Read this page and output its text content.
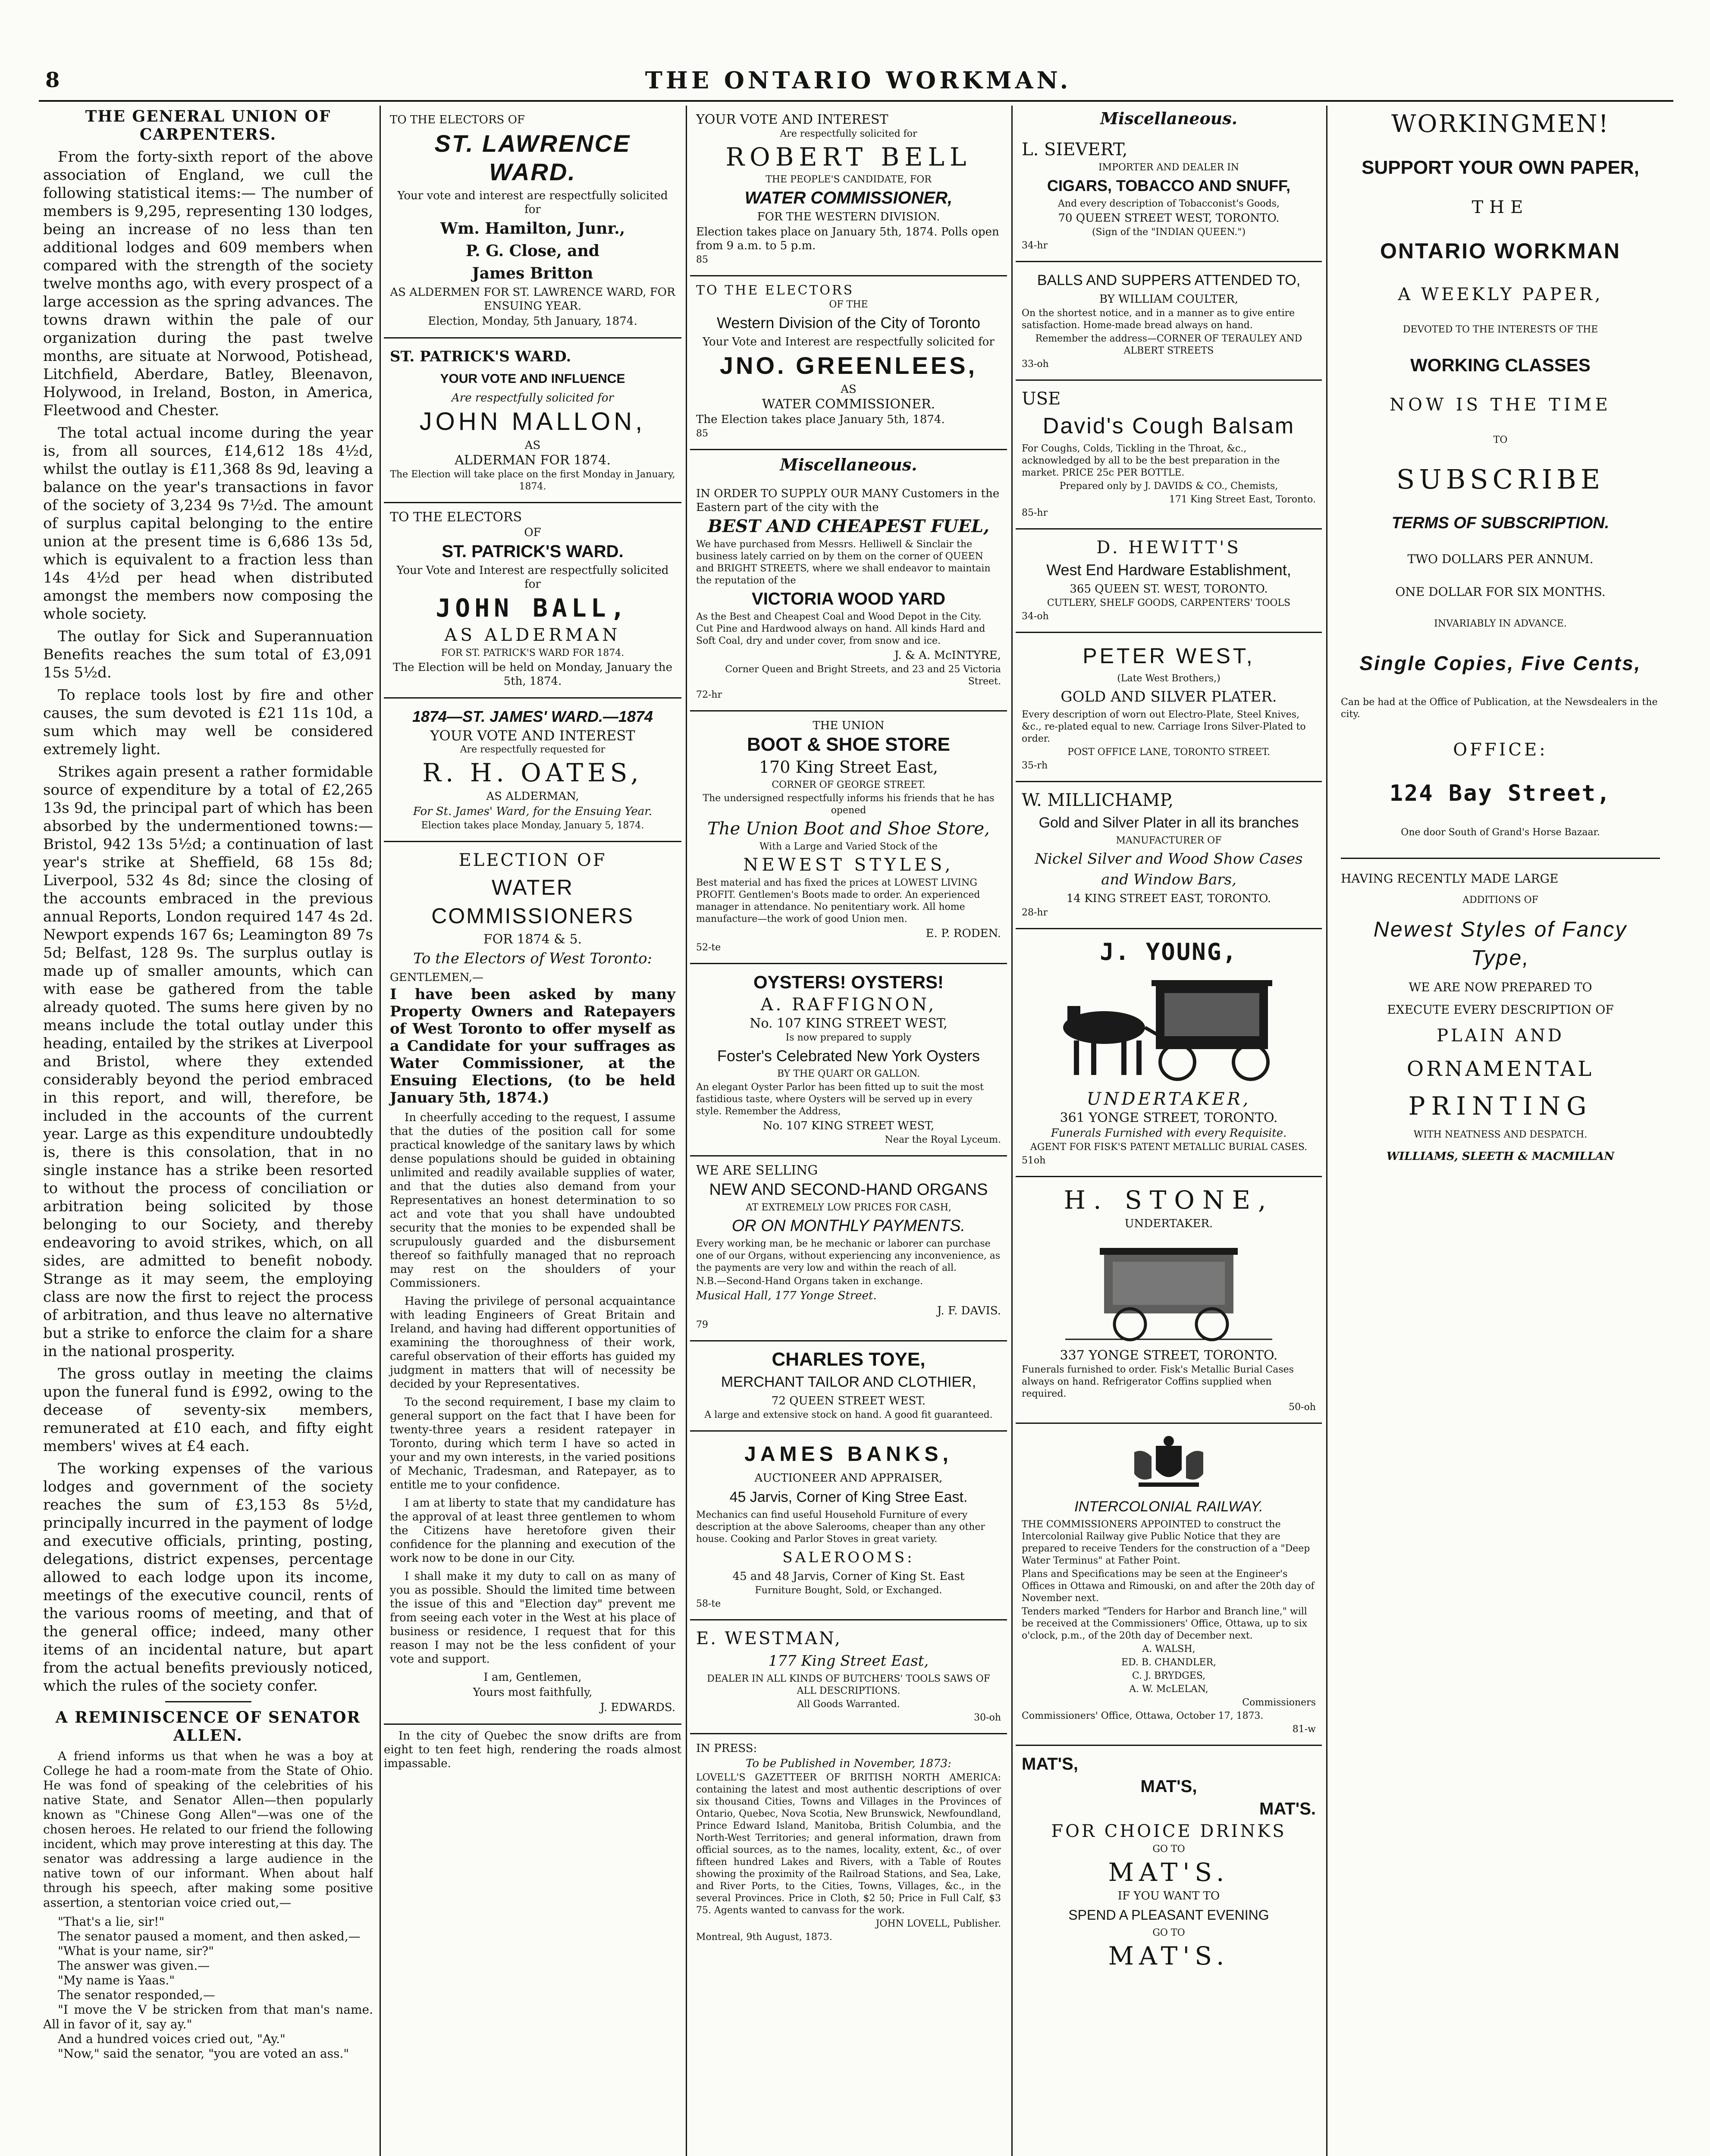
8	THE ONTARIO WORKMAN.
THE GENERAL UNION OF CARPENTERS.

From the forty-sixth report of the above association of England, we cull the following statistical items:— The number of members is 9,295, representing 130 lodges, being an increase of no less than ten additional lodges and 609 members when compared with the strength of the society twelve months ago, with every prospect of a large accession as the spring advances. The towns drawn within the pale of our organization during the past twelve months, are situate at Norwood, Potishead, Litchfield, Aberdare, Batley, Bleenavon, Holywood, in Ireland, Boston, in America, Fleetwood and Chester.

The total actual income during the year is, from all sources, £14,612 18s 4½d, whilst the outlay is £11,368 8s 9d, leaving a balance on the year's transactions in favor of the society of 3,234 9s 7½d. The amount of surplus capital belonging to the entire union at the present time is 6,686 13s 5d, which is equivalent to a fraction less than 14s 4½d per head when distributed amongst the members now composing the whole society.

The outlay for Sick and Superannuation Benefits reaches the sum total of £3,091 15s 5½d.

To replace tools lost by fire and other causes, the sum devoted is £21 11s 10d, a sum which may well be considered extremely light.

Strikes again present a rather formidable source of expenditure by a total of £2,265 13s 9d, the principal part of which has been absorbed by the undermentioned towns:—Bristol, 942 13s 5½d; a continuation of last year's strike at Sheffield, 68 15s 8d; Liverpool, 532 4s 8d; since the closing of the accounts embraced in the previous annual Reports, London required 147 4s 2d. Newport expends 167 6s; Leamington 89 7s 5d; Belfast, 128 9s. The surplus outlay is made up of smaller amounts, which can with ease be gathered from the table already quoted. The sums here given by no means include the total outlay under this heading, entailed by the strikes at Liverpool and Bristol, where they extended considerably beyond the period embraced in this report, and will, therefore, be included in the accounts of the current year. Large as this expenditure undoubtedly is, there is this consolation, that in no single instance has a strike been resorted to without the process of conciliation or arbitration being solicited by those belonging to our Society, and thereby endeavoring to avoid strikes, which, on all sides, are admitted to benefit nobody. Strange as it may seem, the employing class are now the first to reject the process of arbitration, and thus leave no alternative but a strike to enforce the claim for a share in the national prosperity.

The gross outlay in meeting the claims upon the funeral fund is £992, owing to the decease of seventy-six members, remunerated at £10 each, and fifty eight members' wives at £4 each.

The working expenses of the various lodges and government of the society reaches the sum of £3,153 8s 5½d, principally incurred in the payment of lodge and executive officials, printing, posting, delegations, district expenses, percentage allowed to each lodge upon its income, meetings of the executive council, rents of the various rooms of meeting, and that of the general office; indeed, many other items of an incidental nature, but apart from the actual benefits previously noticed, which the rules of the society confer.

A REMINISCENCE OF SENATOR ALLEN.

A friend informs us that when he was a boy at College he had a room-mate from the State of Ohio. He was fond of speaking of the celebrities of his native State, and Senator Allen—then popularly known as "Chinese Gong Allen"—was one of the chosen heroes. He related to our friend the following incident, which may prove interesting at this day. The senator was addressing a large audience in the native town of our informant. When about half through his speech, after making some positive assertion, a stentorian voice cried out,—

"That's a lie, sir!"

The senator paused a moment, and then asked,—

"What is your name, sir?"

The answer was given.—

"My name is Yaas."

The senator responded,—

"I move the V be stricken from that man's name. All in favor of it, say ay."

And a hundred voices cried out, "Ay."

"Now," said the senator, "you are voted an ass."

TO THE ELECTORS OF
ST. LAWRENCE WARD.
Your vote and interest are respectfully solicited for
Wm. Hamilton, Junr.,
P. G. Close, and
James Britton
AS ALDERMEN FOR ST. LAWRENCE WARD, FOR ENSUING YEAR.
Election, Monday, 5th January, 1874.
ST. PATRICK'S WARD.
YOUR VOTE AND INFLUENCE
Are respectfully solicited for
JOHN MALLON,
AS
ALDERMAN FOR 1874.
The Election will take place on the first Monday in January, 1874.
TO THE ELECTORS
OF
ST. PATRICK'S WARD.
Your Vote and Interest are respectfully solicited for
JOHN BALL,
AS ALDERMAN
FOR ST. PATRICK'S WARD FOR 1874.
The Election will be held on Monday, January the 5th, 1874.
1874—ST. JAMES' WARD.—1874
YOUR VOTE AND INTEREST
Are respectfully requested for
R. H. OATES,
AS ALDERMAN,
For St. James' Ward, for the Ensuing Year.
Election takes place Monday, January 5, 1874.
ELECTION OF
WATER COMMISSIONERS
FOR 1874 & 5.
To the Electors of West Toronto:
GENTLEMEN,—

I have been asked by many Property Owners and Ratepayers of West Toronto to offer myself as a Candidate for your suffrages as Water Commissioner, at the Ensuing Elections, (to be held January 5th, 1874.)

In cheerfully acceding to the request, I assume that the duties of the position call for some practical knowledge of the sanitary laws by which dense populations should be guided in obtaining unlimited and readily available supplies of water, and that the duties also demand from your Representatives an honest determination to so act and vote that you shall have undoubted security that the monies to be expended shall be scrupulously guarded and the disbursement thereof so faithfully managed that no reproach may rest on the shoulders of your Commissioners.

Having the privilege of personal acquaintance with leading Engineers of Great Britain and Ireland, and having had different opportunities of examining the thoroughness of their work, careful observation of their efforts has guided my judgment in matters that will of necessity be decided by your Representatives.

To the second requirement, I base my claim to general support on the fact that I have been for twenty-three years a resident ratepayer in Toronto, during which term I have so acted in your and my own interests, in the varied positions of Mechanic, Tradesman, and Ratepayer, as to entitle me to your confidence.

I am at liberty to state that my candidature has the approval of at least three gentlemen to whom the Citizens have heretofore given their confidence for the planning and execution of the work now to be done in our City.

I shall make it my duty to call on as many of you as possible. Should the limited time between the issue of this and "Election day" prevent me from seeing each voter in the West at his place of business or residence, I request that for this reason I may not be the less confident of your vote and support.

I am, Gentlemen,
Yours most faithfully,
J. EDWARDS.

In the city of Quebec the snow drifts are from eight to ten feet high, rendering the roads almost impassable.

YOUR VOTE AND INTEREST
Are respectfully solicited for
ROBERT BELL
THE PEOPLE'S CANDIDATE, FOR
WATER COMMISSIONER,
FOR THE WESTERN DIVISION.
Election takes place on January 5th, 1874. Polls open from 9 a.m. to 5 p.m.
85
TO THE ELECTORS
OF THE
Western Division of the City of Toronto
Your Vote and Interest are respectfully solicited for
JNO. GREENLEES,
AS
WATER COMMISSIONER.
The Election takes place January 5th, 1874.
85
Miscellaneous.
IN ORDER TO SUPPLY OUR MANY Customers in the Eastern part of the city with the
BEST AND CHEAPEST FUEL,
We have purchased from Messrs. Helliwell & Sinclair the business lately carried on by them on the corner of QUEEN and BRIGHT STREETS, where we shall endeavor to maintain the reputation of the
VICTORIA WOOD YARD
As the Best and Cheapest Coal and Wood Depot in the City. Cut Pine and Hardwood always on hand. All kinds Hard and Soft Coal, dry and under cover, from snow and ice.
J. & A. McINTYRE,
Corner Queen and Bright Streets, and 23 and 25 Victoria Street.
72-hr
THE UNION
BOOT & SHOE STORE
170 King Street East,
CORNER OF GEORGE STREET.
The undersigned respectfully informs his friends that he has opened
The Union Boot and Shoe Store,
With a Large and Varied Stock of the
NEWEST STYLES,
Best material and has fixed the prices at LOWEST LIVING PROFIT. Gentlemen's Boots made to order. An experienced manager in attendance. No penitentiary work. All home manufacture—the work of good Union men.
E. P. RODEN.
52-te
OYSTERS! OYSTERS!
A. RAFFIGNON,
No. 107 KING STREET WEST,
Is now prepared to supply
Foster's Celebrated New York Oysters
BY THE QUART OR GALLON.
An elegant Oyster Parlor has been fitted up to suit the most fastidious taste, where Oysters will be served up in every style. Remember the Address,
No. 107 KING STREET WEST,
Near the Royal Lyceum.
WE ARE SELLING
NEW AND SECOND-HAND ORGANS
AT EXTREMELY LOW PRICES FOR CASH,
OR ON MONTHLY PAYMENTS.
Every working man, be he mechanic or laborer can purchase one of our Organs, without experiencing any inconvenience, as the payments are very low and within the reach of all.
N.B.—Second-Hand Organs taken in exchange.
Musical Hall, 177 Yonge Street.
J. F. DAVIS.
79
CHARLES TOYE,
MERCHANT TAILOR AND CLOTHIER,
72 QUEEN STREET WEST.
A large and extensive stock on hand. A good fit guaranteed.
JAMES BANKS,
AUCTIONEER AND APPRAISER,
45 Jarvis, Corner of King Stree East.
Mechanics can find useful Household Furniture of every description at the above Salerooms, cheaper than any other house. Cooking and Parlor Stoves in great variety.
SALEROOMS:
45 and 48 Jarvis, Corner of King St. East
Furniture Bought, Sold, or Exchanged.
58-te
E. WESTMAN,
177 King Street East,
DEALER IN ALL KINDS OF BUTCHERS' TOOLS SAWS OF ALL DESCRIPTIONS.
All Goods Warranted.
30-oh
IN PRESS:
To be Published in November, 1873:
LOVELL'S GAZETTEER OF BRITISH NORTH AMERICA: containing the latest and most authentic descriptions of over six thousand Cities, Towns and Villages in the Provinces of Ontario, Quebec, Nova Scotia, New Brunswick, Newfoundland, Prince Edward Island, Manitoba, British Columbia, and the North-West Territories; and general information, drawn from official sources, as to the names, locality, extent, &c., of over fifteen hundred Lakes and Rivers, with a Table of Routes showing the proximity of the Railroad Stations, and Sea, Lake, and River Ports, to the Cities, Towns, Villages, &c., in the several Provinces. Price in Cloth, $2 50; Price in Full Calf, $3 75. Agents wanted to canvass for the work.
JOHN LOVELL, Publisher.
Montreal, 9th August, 1873.
Miscellaneous.
L. SIEVERT,
IMPORTER AND DEALER IN
CIGARS, TOBACCO AND SNUFF,
And every description of Tobacconist's Goods,
70 QUEEN STREET WEST, TORONTO.
(Sign of the "INDIAN QUEEN.")
34-hr
BALLS AND SUPPERS ATTENDED TO,
BY WILLIAM COULTER,
On the shortest notice, and in a manner as to give entire satisfaction. Home-made bread always on hand.
Remember the address—CORNER OF TERAULEY AND ALBERT STREETS
33-oh
USE
David's Cough Balsam
For Coughs, Colds, Tickling in the Throat, &c., acknowledged by all to be the best preparation in the market. PRICE 25c PER BOTTLE.
Prepared only by J. DAVIDS & CO., Chemists,
171 King Street East, Toronto.
85-hr
D. HEWITT'S
West End Hardware Establishment,
365 QUEEN ST. WEST, TORONTO.
CUTLERY, SHELF GOODS, CARPENTERS' TOOLS
34-oh
PETER WEST,
(Late West Brothers,)
GOLD AND SILVER PLATER.
Every description of worn out Electro-Plate, Steel Knives, &c., re-plated equal to new. Carriage Irons Silver-Plated to order.
POST OFFICE LANE, TORONTO STREET.
35-rh
W. MILLICHAMP,
Gold and Silver Plater in all its branches
MANUFACTURER OF
Nickel Silver and Wood Show Cases and Window Bars,
14 KING STREET EAST, TORONTO.
28-hr
J. YOUNG,
UNDERTAKER,
361 YONGE STREET, TORONTO.
Funerals Furnished with every Requisite.
AGENT FOR FISK'S PATENT METALLIC BURIAL CASES.
51oh
H. STONE,
UNDERTAKER.
337 YONGE STREET, TORONTO.
Funerals furnished to order. Fisk's Metallic Burial Cases always on hand. Refrigerator Coffins supplied when required.
50-oh
INTERCOLONIAL RAILWAY.
THE COMMISSIONERS APPOINTED to construct the Intercolonial Railway give Public Notice that they are prepared to receive Tenders for the construction of a "Deep Water Terminus" at Father Point.
Plans and Specifications may be seen at the Engineer's Offices in Ottawa and Rimouski, on and after the 20th day of November next.
Tenders marked "Tenders for Harbor and Branch line," will be received at the Commissioners' Office, Ottawa, up to six o'clock, p.m., of the 20th day of December next.
A. WALSH,
ED. B. CHANDLER,
C. J. BRYDGES,
A. W. McLELAN,
Commissioners
Commissioners' Office, Ottawa, October 17, 1873.
81-w
MAT'S,
MAT'S,
MAT'S.
FOR CHOICE DRINKS
GO TO
MAT'S.
IF YOU WANT TO
SPEND A PLEASANT EVENING
GO TO
MAT'S.

WORKINGMEN!

SUPPORT YOUR OWN PAPER,

THE

ONTARIO WORKMAN

A WEEKLY PAPER,

DEVOTED TO THE INTERESTS OF THE

WORKING CLASSES

NOW IS THE TIME

TO

SUBSCRIBE

TERMS OF SUBSCRIPTION.

TWO DOLLARS PER ANNUM.

ONE DOLLAR FOR SIX MONTHS.

INVARIABLY IN ADVANCE.

Single Copies, Five Cents,

Can be had at the Office of Publication, at the Newsdealers in the city.

OFFICE:

124 Bay Street,

One door South of Grand's Horse Bazaar.

HAVING RECENTLY MADE LARGE

ADDITIONS OF

Newest Styles of Fancy Type,

WE ARE NOW PREPARED TO

EXECUTE EVERY DESCRIPTION OF

PLAIN AND

ORNAMENTAL

PRINTING

WITH NEATNESS AND DESPATCH.

WILLIAMS, SLEETH & MACMILLAN
